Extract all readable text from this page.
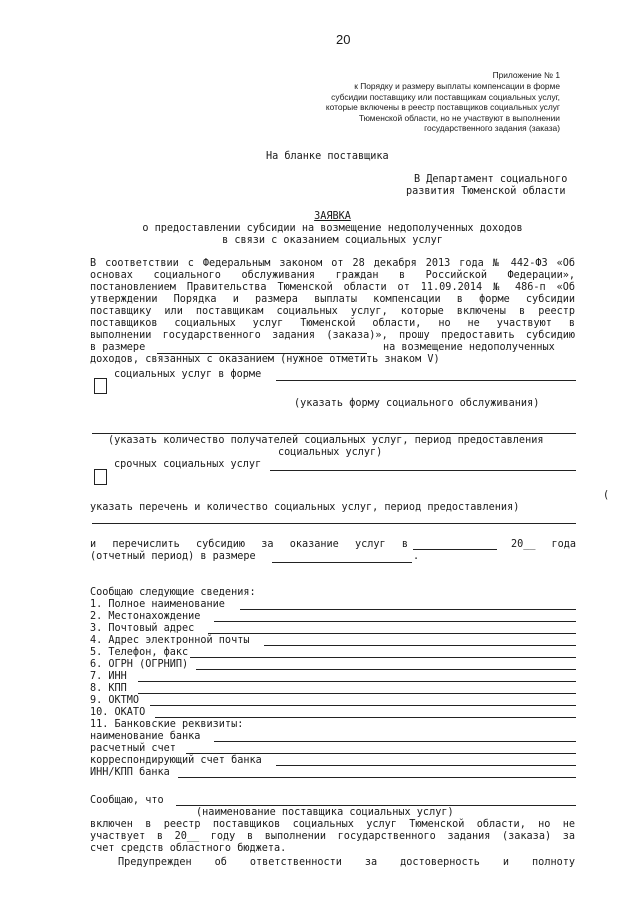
20
Приложение № 1
к Порядку и размеру выплаты компенсации в форме
субсидии поставщику или поставщикам социальных услуг,
которые включены в реестр поставщиков социальных услуг
Тюменской области, но не участвуют в выполнении
государственного задания (заказа)
На бланке поставщика
В Департамент социального
развития Тюменской области
ЗАЯВКА
о предоставлении субсидии на возмещение недополученных доходов
в связи с оказанием социальных услуг
В соответствии с Федеральным законом от 28 декабря 2013 года № 442-ФЗ «Об
основах социального обслуживания граждан в Российской Федерации»,
постановлением Правительства Тюменской области от 11.09.2014 № 486-п «Об
утверждении Порядка и размера выплаты компенсации в форме субсидии
поставщику или поставщикам социальных услуг, которые включены в реестр
поставщиков социальных услуг Тюменской области, но не участвуют в
выполнении государственного задания (заказа)», прошу предоставить субсидию
в размере	на возмещение недополученных
доходов, связанных с оказанием (нужное отметить знаком V)
социальных услуг в форме
(указать форму социального обслуживания)
(указать количество получателей социальных услуг, период предоставления
социальных услуг)
срочных социальных услуг
(
указать перечень и количество социальных услуг, период предоставления)
и перечислить субсидию за оказание услуг в	20__ года
(отчетный период) в размере	.
Сообщаю следующие сведения:
1. Полное наименование
2. Местонахождение
3. Почтовый адрес
4. Адрес электронной почты
5. Телефон, факс
6. ОГРН (ОГРНИП)
7. ИНН
8. КПП
9. ОКТМО
10. ОКАТО
11. Банковские реквизиты:
наименование банка
расчетный счет
корреспондирующий счет банка
ИНН/КПП банка
Сообщаю, что
(наименование поставщика социальных услуг)
включен в реестр поставщиков социальных услуг Тюменской области, но не
участвует в 20__ году в выполнении государственного задания (заказа) за
счет средств областного бюджета.
Предупрежден об ответственности за достоверность и полноту
